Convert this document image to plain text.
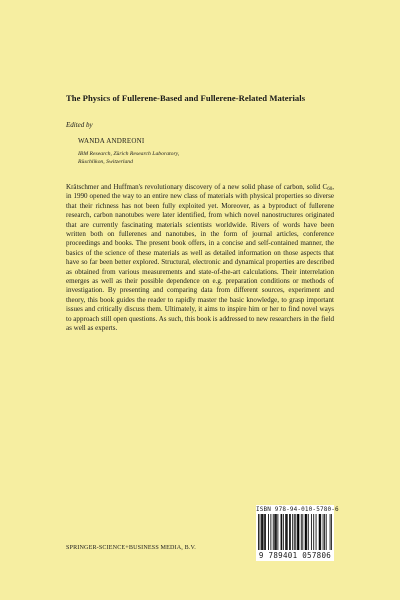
The Physics of Fullerene-Based and Fullerene-Related Materials
Edited by
WANDA ANDREONI
IBM Research, Zürich Research Laboratory,
Rüschlikon, Switzerland
Krätschmer and Huffman's revolutionary discovery of a new solid phase of carbon, solid $C_{60}$, in 1990 opened the way to an entire new class of materials with physical properties so diverse that their richness has not been fully exploited yet. Moreover, as a byproduct of fullerene research, carbon nanotubes were later identified, from which novel nanostructures originated that are currently fascinating materials scientists worldwide. Rivers of words have been written both on fullerenes and nanotubes, in the form of journal articles, conference proceedings and books. The present book offers, in a concise and self-contained manner, the basics of the science of these materials as well as detailed information on those aspects that have so far been better explored. Structural, electronic and dynamical properties are described as obtained from various measurements and state-of-the-art calculations. Their interrelation emerges as well as their possible dependence on e.g. preparation conditions or methods of investigation. By presenting and comparing data from different sources, experiment and theory, this book guides the reader to rapidly master the basic knowledge, to grasp important issues and critically discuss them. Ultimately, it aims to inspire him or her to find novel ways to approach still open questions. As such, this book is addressed to new researchers in the field as well as experts.
SPRINGER-SCIENCE+BUSINESS MEDIA, B.V.
ISBN 978-94-010-5780-6
9 789401 057806
